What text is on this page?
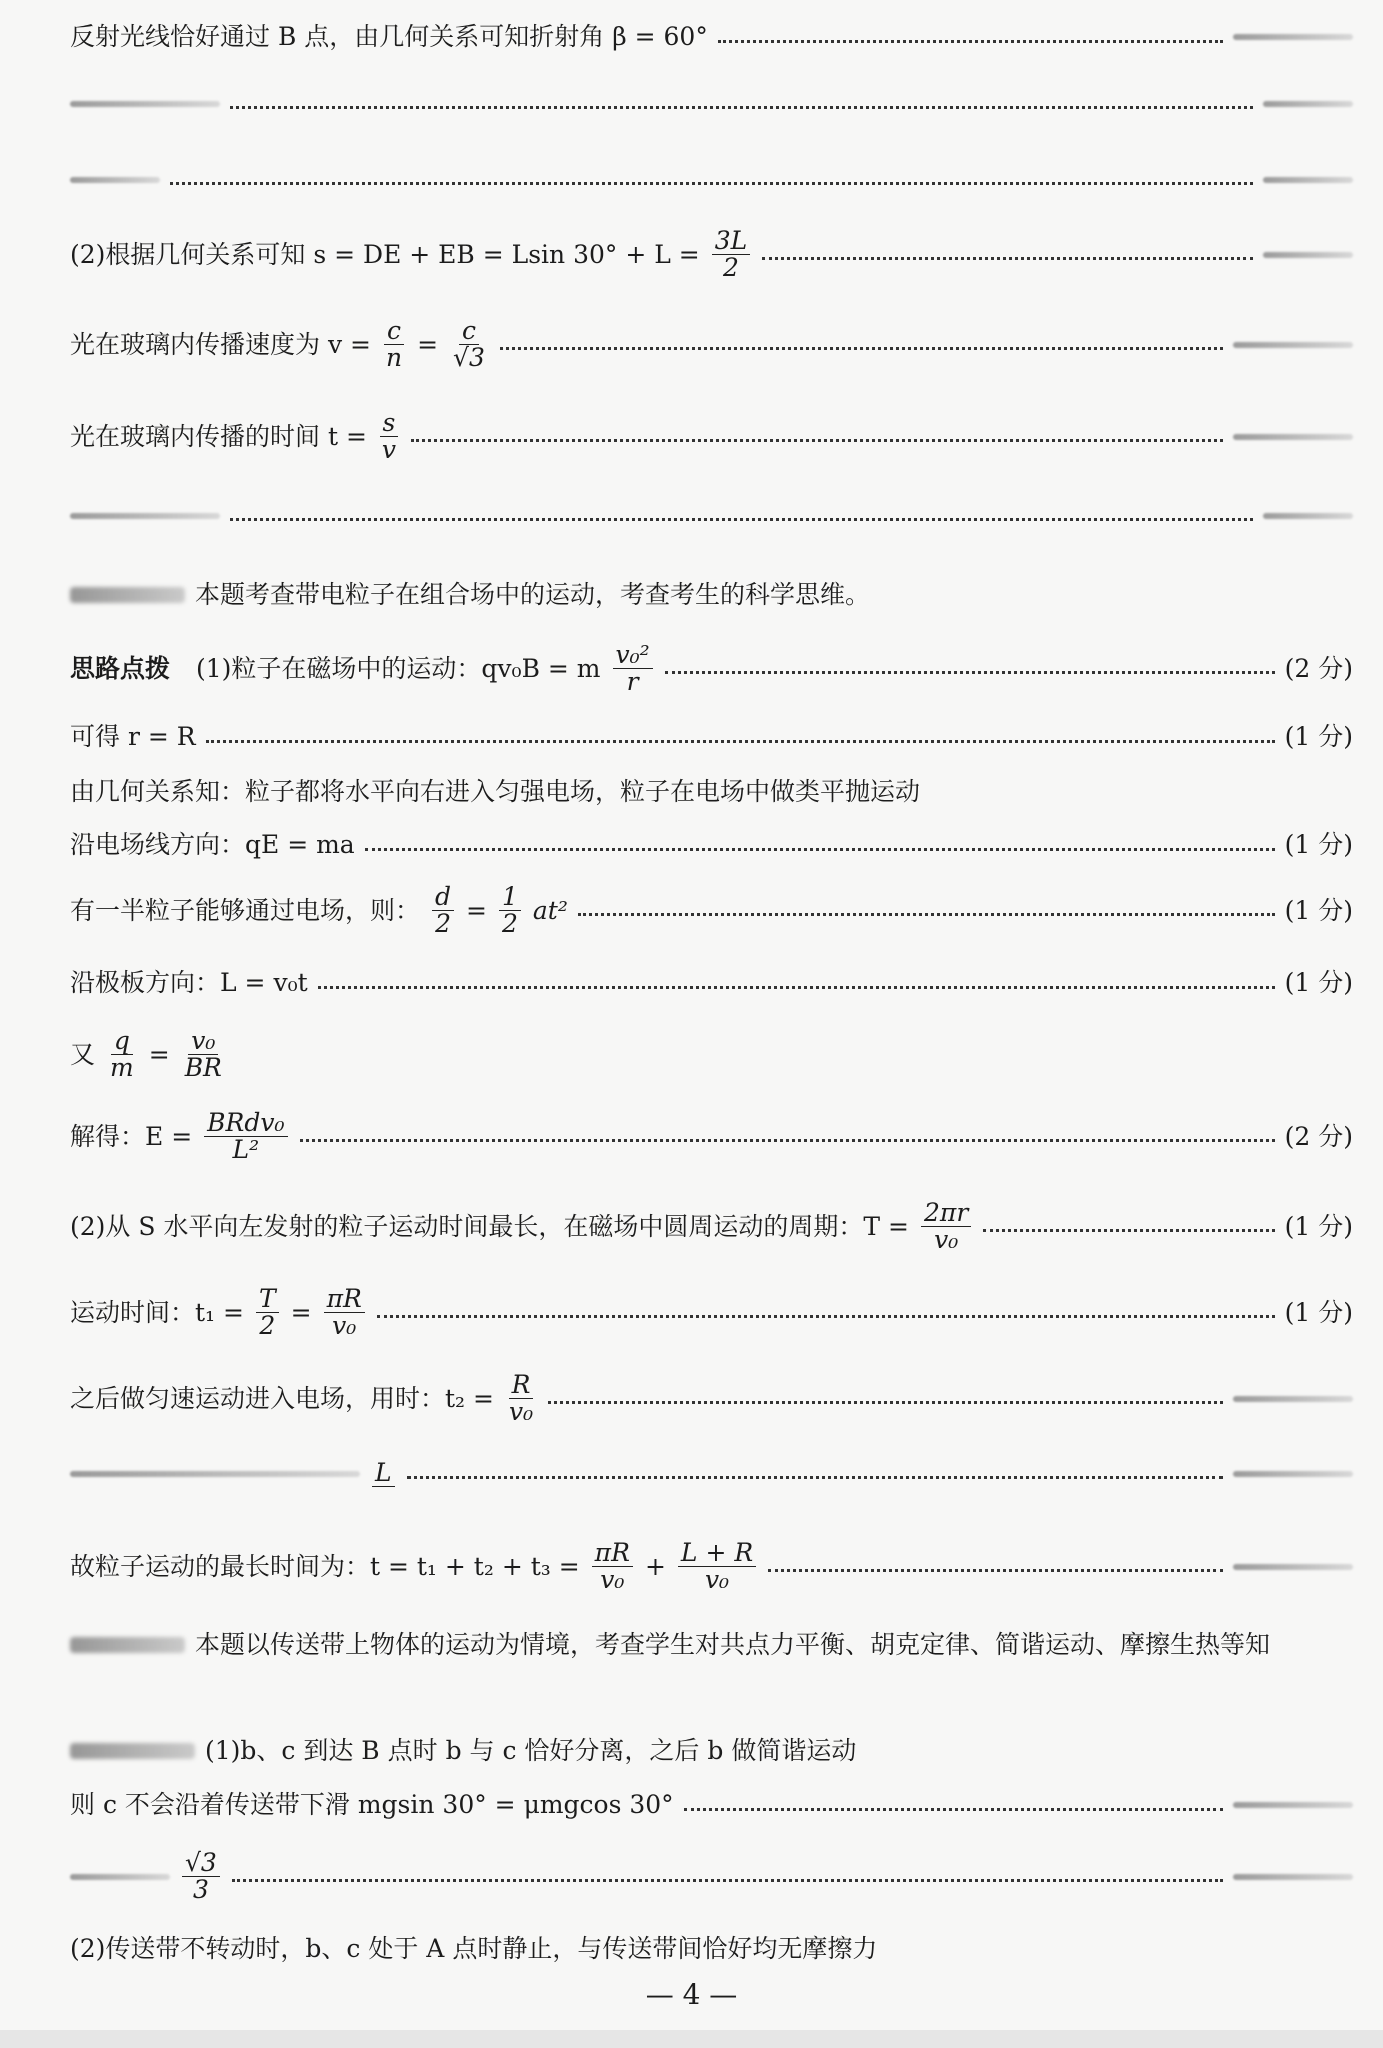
反射光线恰好通过 B 点，由几何关系可知折射角 β = 60°
(2)根据几何关系可知 s = DE + EB = Lsin $30^\circ + L = \frac{3L}{2}$
光在玻璃内传播速度为 $v = \frac{c}{n} = \frac{c}{√3}$
光在玻璃内传播的时间 $t = \frac{s}{v}$
本题考查带电粒子在组合场中的运动，考查考生的科学思维。
思路点拨 (1)粒子在磁场中的运动：qv₀B = m $\frac{\text{v₀²}}{r}$	(2 分)
可得 r = R	(1 分)
由几何关系知：粒子都将水平向右进入匀强电场，粒子在电场中做类平抛运动
沿电场线方向：qE = ma	(1 分)
有一半粒子能够通过电场，则： $\frac{d}{2} = \frac{1}{2} at^2$	(1 分)
沿极板方向：L = v₀t	(1 分)
又 $\frac{q}{m} = \frac{\text{v₀}}{BR}$
解得：$E = \frac{\text{BRdv₀}}{\text{L²}}$	(2 分)
(2)从 S 水平向左发射的粒子运动时间最长，在磁场中圆周运动的周期：$T = \frac{2\pi r}{\text{v₀}}$	(1 分)
运动时间：$t_1 = \frac{T}{2} = \frac{\pi R}{\text{v₀}}$	(1 分)
之后做匀速运动进入电场，用时：$t_2 = \frac{R}{\text{v₀}}$
L
故粒子运动的最长时间为：$t = t_1 + t_2 + t_3 = \frac{\pi R}{\text{v₀}} + \frac{L + R}{\text{v₀}}$
本题以传送带上物体的运动为情境，考查学生对共点力平衡、胡克定律、简谐运动、摩擦生热等知
(1)b、c 到达 B 点时 b 与 c 恰好分离，之后 b 做简谐运动
则 c 不会沿着传送带下滑 mgsin 30° = μmgcos 30°
$\frac{√3}{3}$
(2)传送带不转动时，b、c 处于 A 点时静止，与传送带间恰好均无摩擦力
— 4 —
